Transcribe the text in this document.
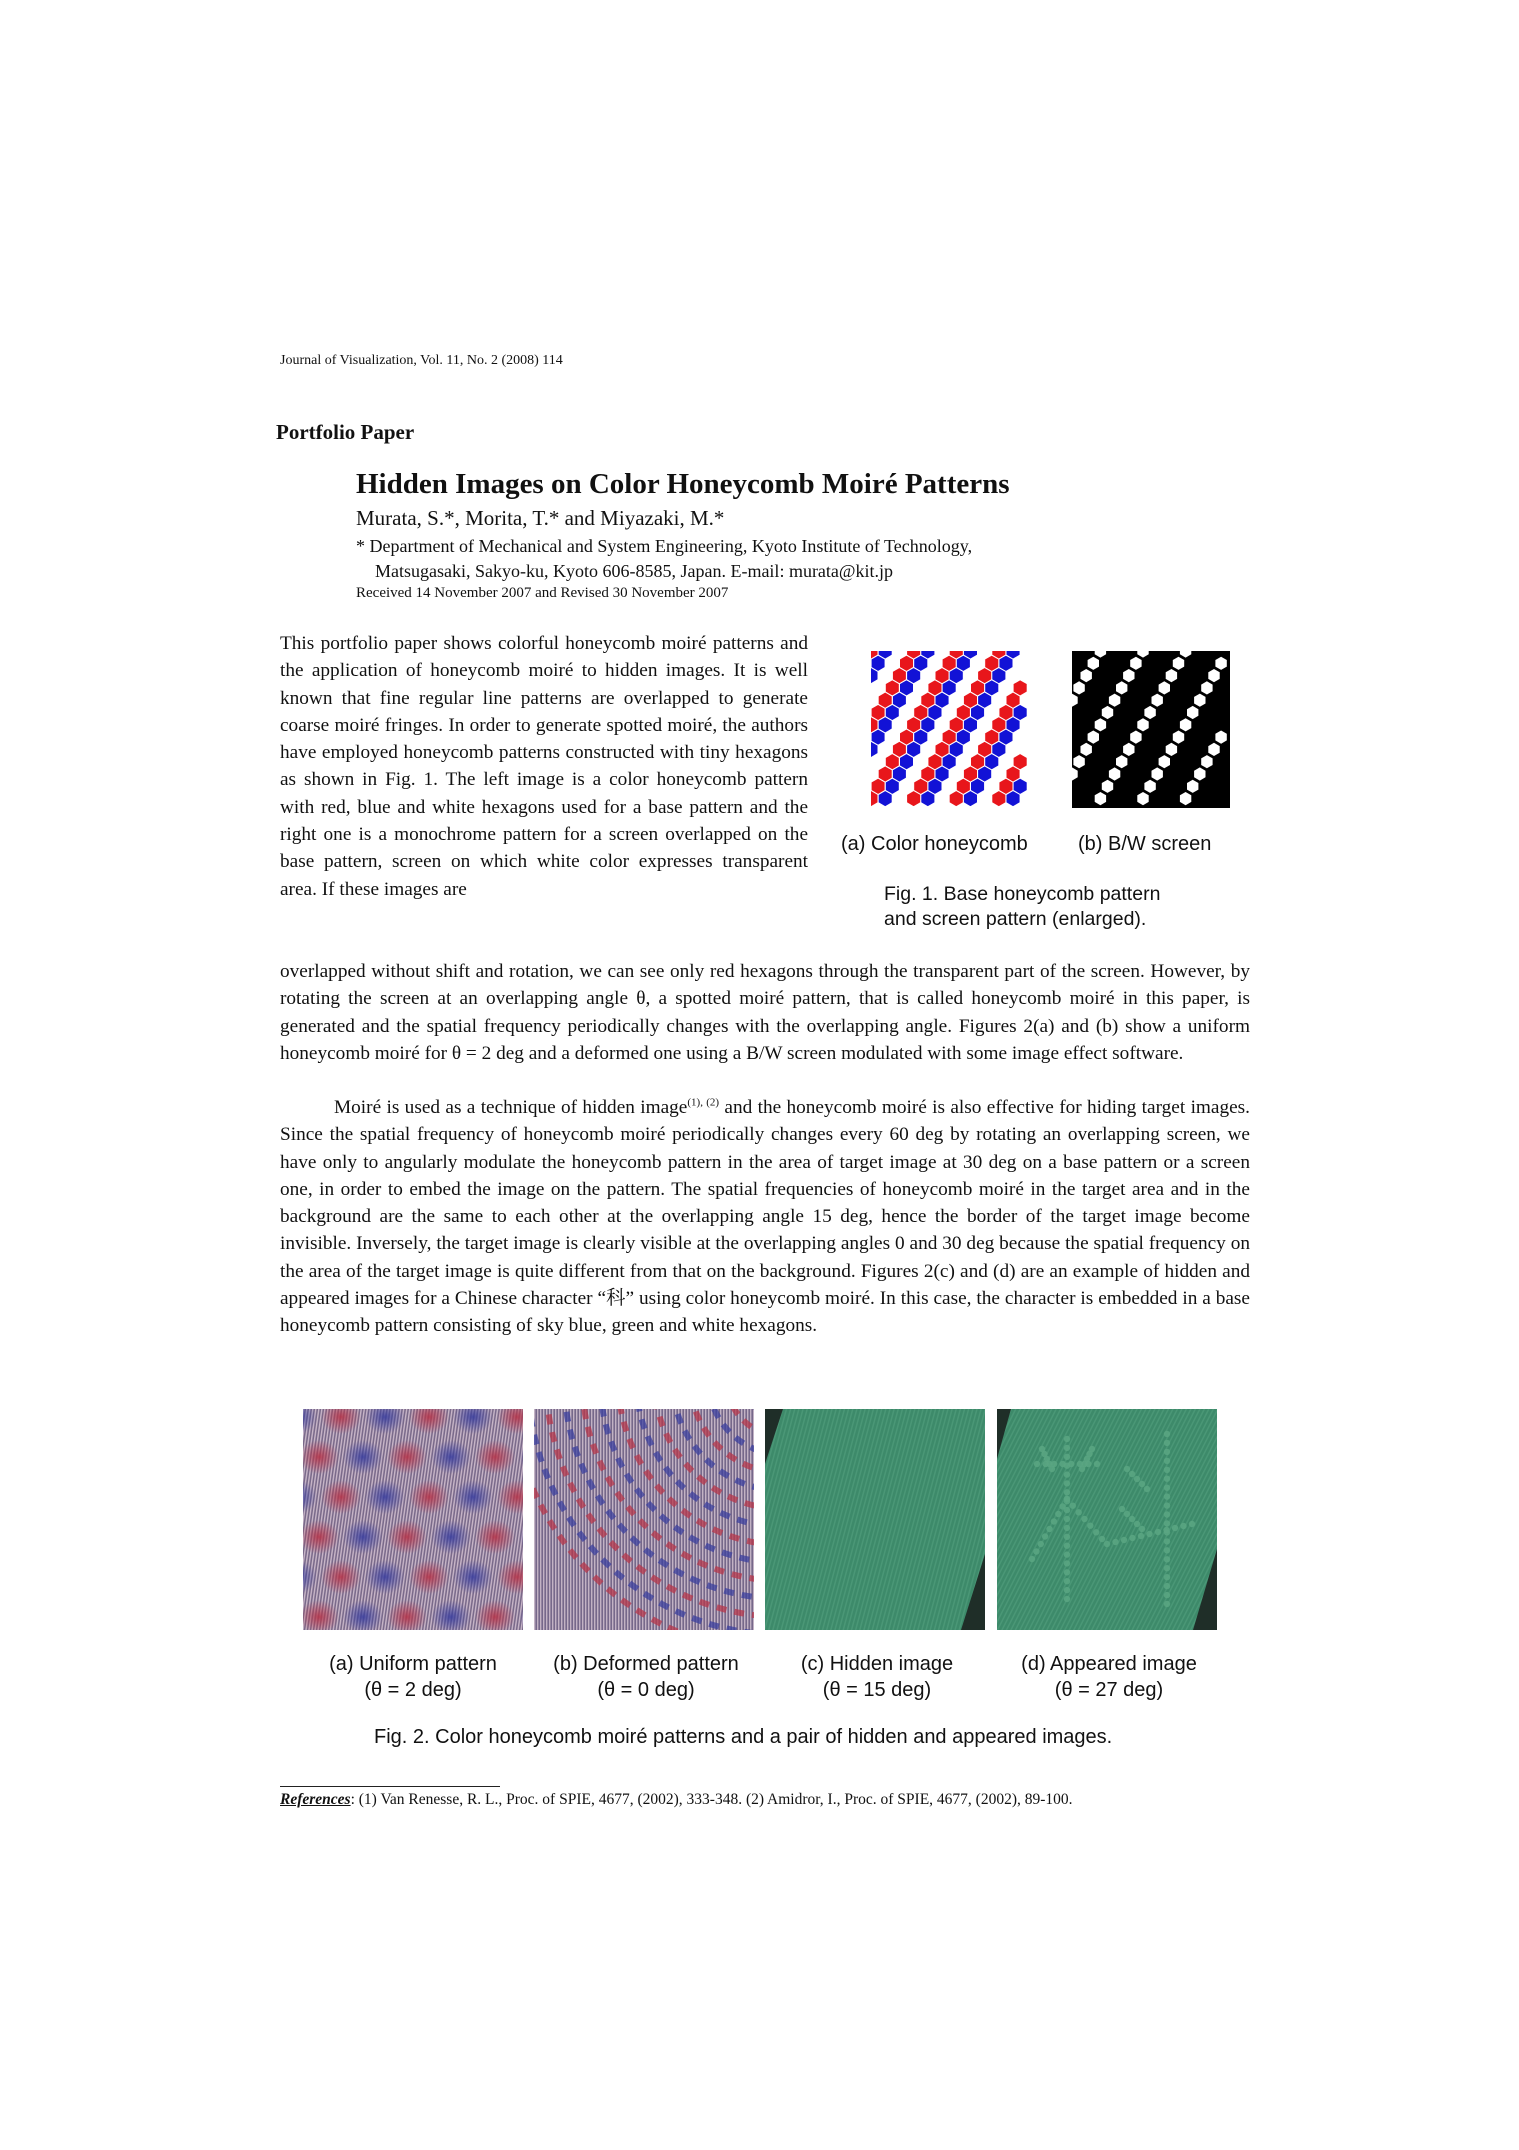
Journal of Visualization, Vol. 11, No. 2 (2008) 114
Portfolio Paper
Hidden Images on Color Honeycomb Moiré Patterns
Murata, S.*, Morita, T.* and Miyazaki, M.*
* Department of Mechanical and System Engineering, Kyoto Institute of Technology,
Matsugasaki, Sakyo-ku, Kyoto 606-8585, Japan. E-mail: murata@kit.jp
Received 14 November 2007 and Revised 30 November 2007

This portfolio paper shows colorful honeycomb moiré patterns and the application of honeycomb moiré to hidden images. It is well known that fine regular line patterns are overlapped to generate coarse moiré fringes. In order to generate spotted moiré, the authors have employed honeycomb patterns constructed with tiny hexagons as shown in Fig. 1. The left image is a color honeycomb pattern with red, blue and white hexagons used for a base pattern and the right one is a monochrome pattern for a screen overlapped on the base pattern, screen on which white color expresses transparent area. If these images are

(a) Color honeycomb	(b) B/W screen
Fig. 1. Base honeycomb pattern
and screen pattern (enlarged).

overlapped without shift and rotation, we can see only red hexagons through the transparent part of the screen. However, by rotating the screen at an overlapping angle θ, a spotted moiré pattern, that is called honeycomb moiré in this paper, is generated and the spatial frequency periodically changes with the overlapping angle. Figures 2(a) and (b) show a uniform honeycomb moiré for θ = 2 deg and a deformed one using a B/W screen modulated with some image effect software.

Moiré is used as a technique of hidden image$^{(1), (2)}$ and the honeycomb moiré is also effective for hiding target images. Since the spatial frequency of honeycomb moiré periodically changes every 60 deg by rotating an overlapping screen, we have only to angularly modulate the honeycomb pattern in the area of target image at 30 deg on a base pattern or a screen one, in order to embed the image on the pattern. The spatial frequencies of honeycomb moiré in the target area and in the background are the same to each other at the overlapping angle 15 deg, hence the border of the target image become invisible. Inversely, the target image is clearly visible at the overlapping angles 0 and 30 deg because the spatial frequency on the area of the target image is quite different from that on the background. Figures 2(c) and (d) are an example of hidden and appeared images for a Chinese character “科” using color honeycomb moiré. In this case, the character is embedded in a base honeycomb pattern consisting of sky blue, green and white hexagons.

(a) Uniform pattern
(θ = 2 deg)
(b) Deformed pattern
(θ = 0 deg)
(c) Hidden image
(θ = 15 deg)
(d) Appeared image
(θ = 27 deg)
Fig. 2. Color honeycomb moiré patterns and a pair of hidden and appeared images.
References: (1) Van Renesse, R. L., Proc. of SPIE, 4677, (2002), 333-348. (2) Amidror, I., Proc. of SPIE, 4677, (2002), 89-100.
